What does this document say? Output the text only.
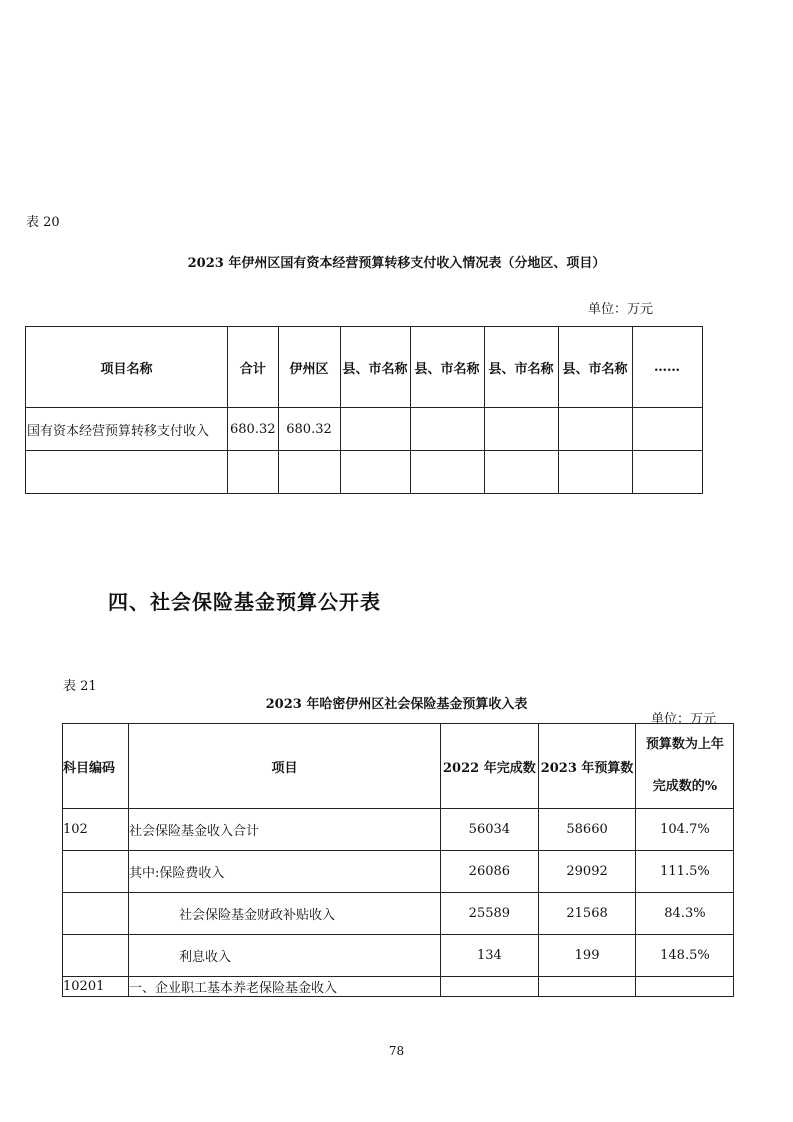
表 20
2023 年伊州区国有资本经营预算转移支付收入情况表（分地区、项目）
单位：万元
项目名称	合计	伊州区	县、市名称	县、市名称	县、市名称	县、市名称	……
国有资本经营预算转移支付收入	680.32	680.32					

四、社会保险基金预算公开表
表 21
2023 年哈密伊州区社会保险基金预算收入表
单位：万元
科目编码	项目	2022 年完成数	2023 年预算数	预算数为上年
完成数的%
102	社会保险基金收入合计	56034	58660	104.7%
	其中:保险费收入	26086	29092	111.5%
	社会保险基金财政补贴收入	25589	21568	84.3%
	利息收入	134	199	148.5%
10201	一、企业职工基本养老保险基金收入			
78
